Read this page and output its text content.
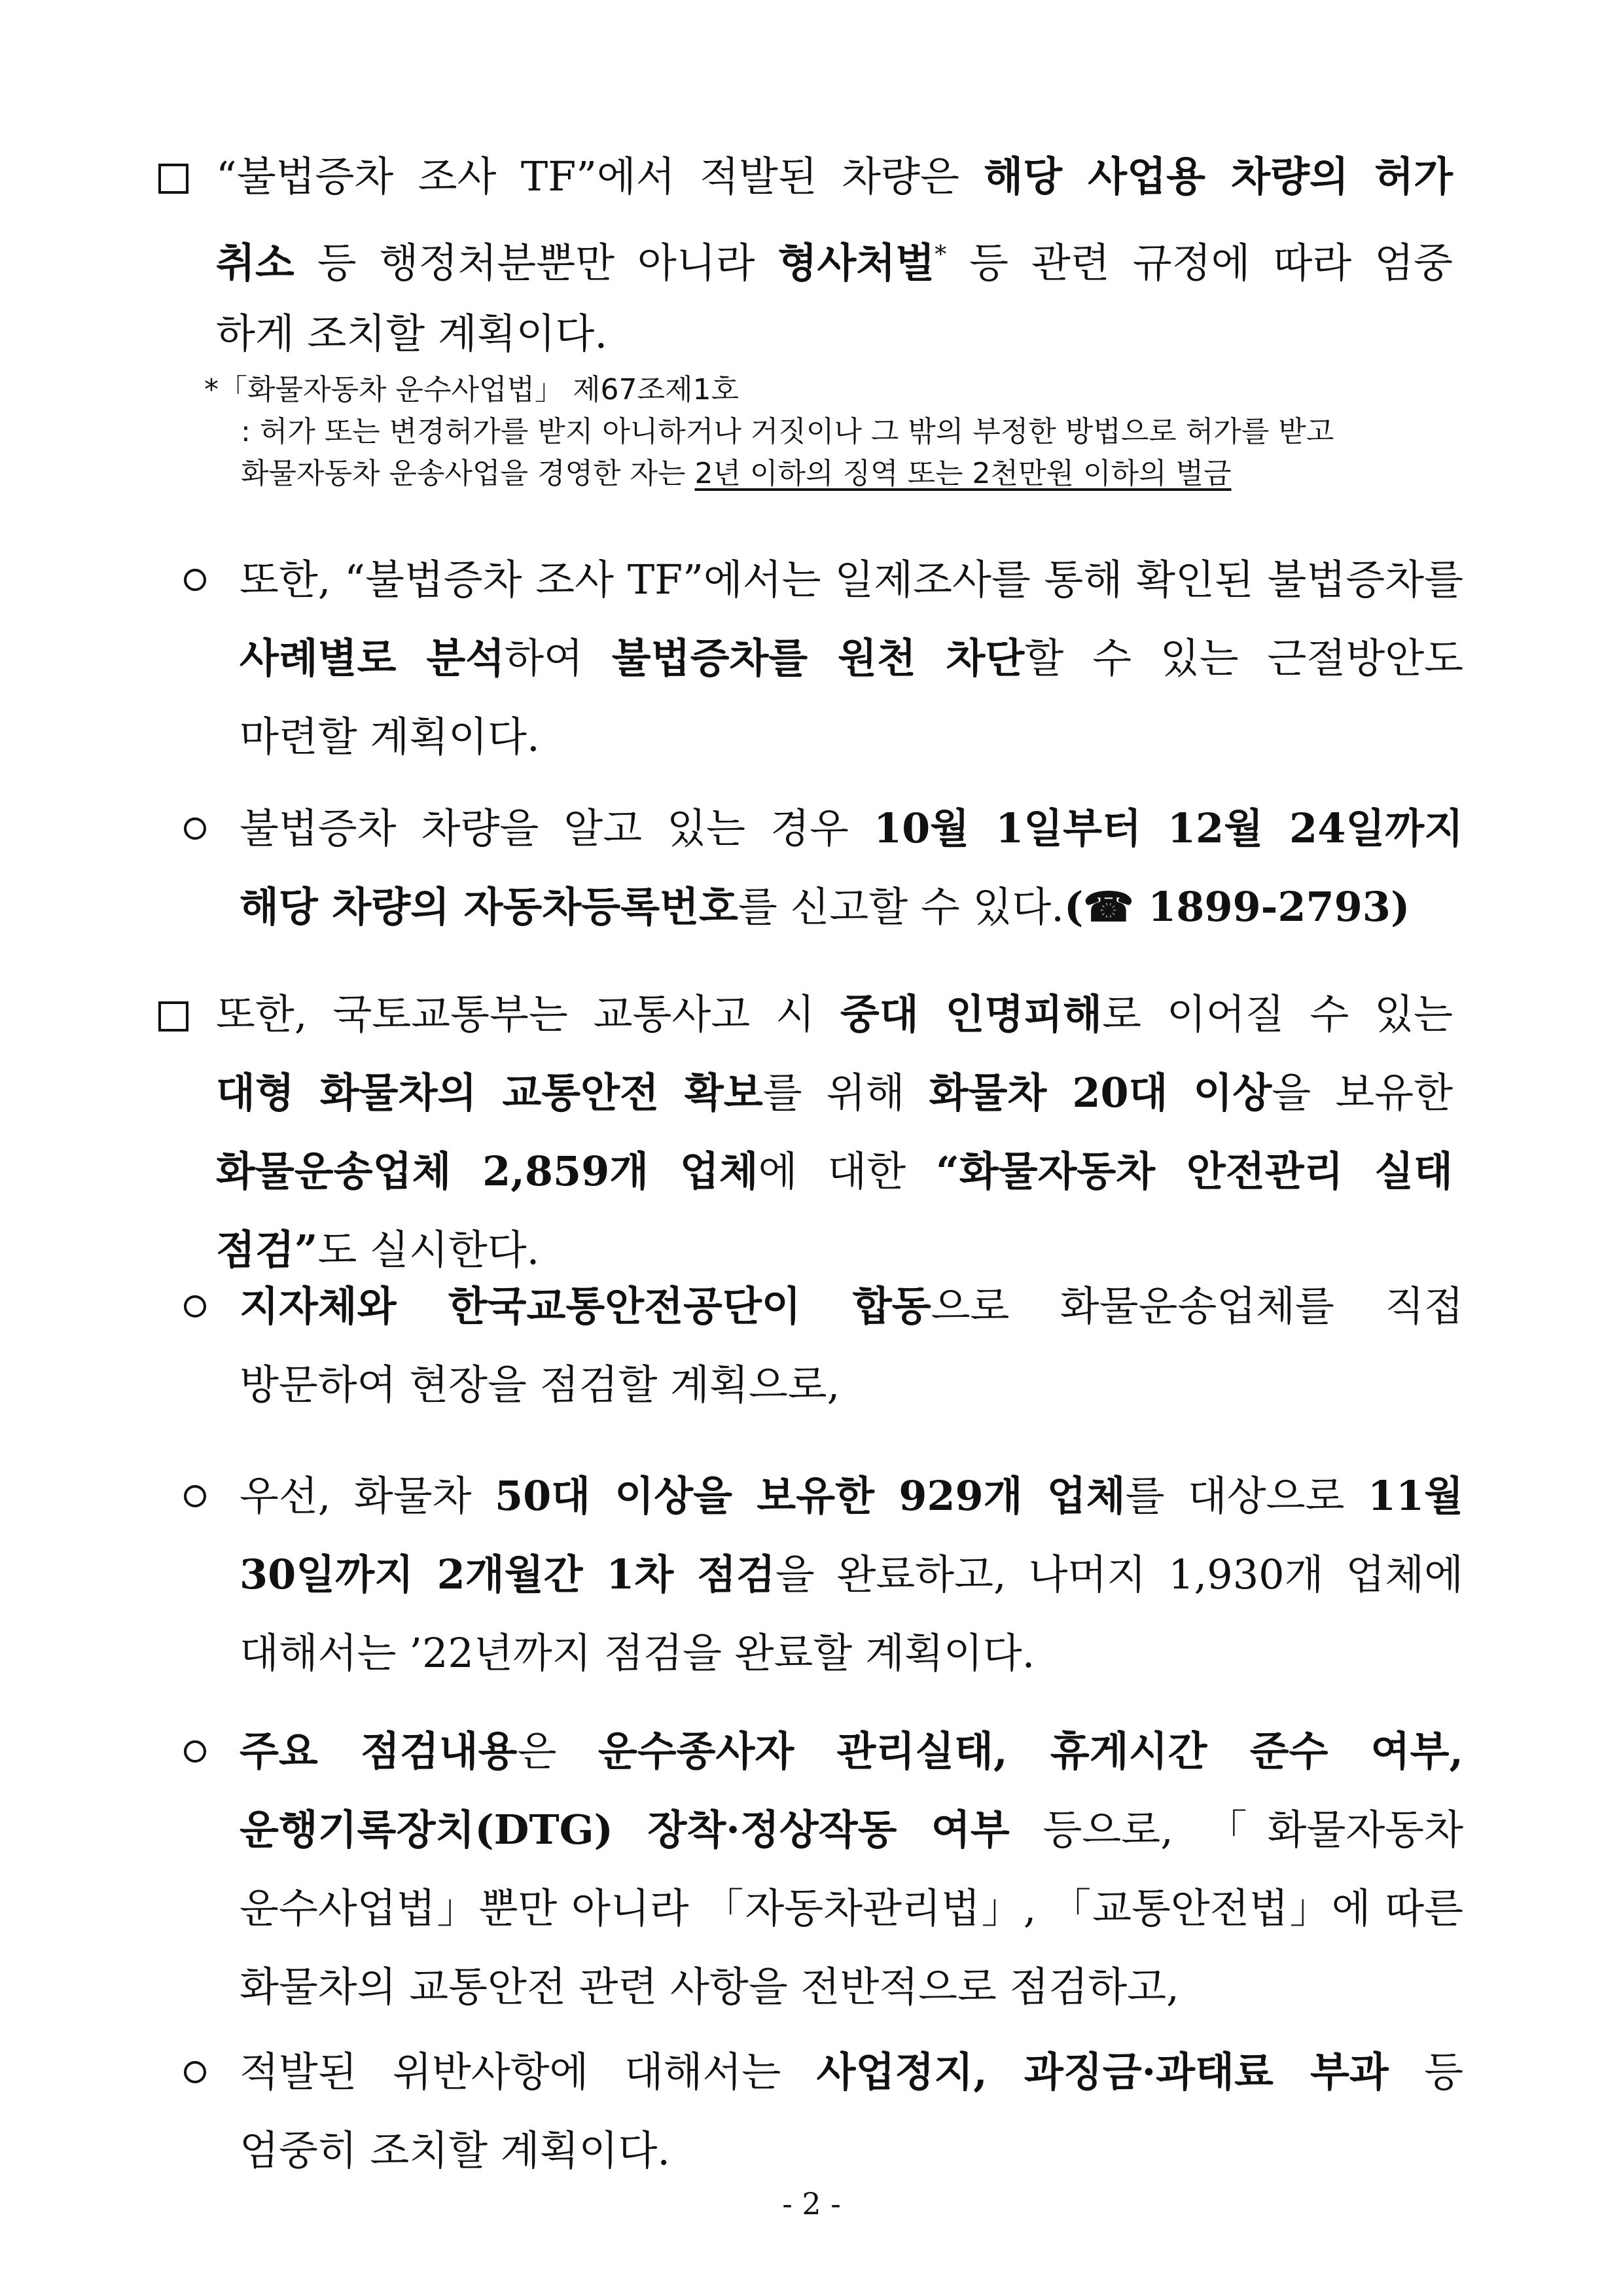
“불법증차 조사 TF”에서 적발된 차량은 해당 사업용 차량의 허가
취소 등 행정처분뿐만 아니라 형사처벌* 등 관련 규정에 따라 엄중
하게 조치할 계획이다.
*「화물자동차 운수사업법」 제67조제1호
: 허가 또는 변경허가를 받지 아니하거나 거짓이나 그 밖의 부정한 방법으로 허가를 받고
화물자동차 운송사업을 경영한 자는 2년 이하의 징역 또는 2천만원 이하의 벌금
또한, “불법증차 조사 TF”에서는 일제조사를 통해 확인된 불법증차를
사례별로 분석하여 불법증차를 원천 차단할 수 있는 근절방안도
마련할 계획이다.
불법증차 차량을 알고 있는 경우 10월 1일부터 12월 24일까지
해당 차량의 자동차등록번호를 신고할 수 있다.(☎ 1899-2793)
또한, 국토교통부는 교통사고 시 중대 인명피해로 이어질 수 있는
대형 화물차의 교통안전 확보를 위해 화물차 20대 이상을 보유한
화물운송업체 2,859개 업체에 대한 “화물자동차 안전관리 실태
점검”도 실시한다.
지자체와 한국교통안전공단이 합동으로 화물운송업체를 직접
방문하여 현장을 점검할 계획으로,
우선, 화물차 50대 이상을 보유한 929개 업체를 대상으로 11월
30일까지 2개월간 1차 점검을 완료하고, 나머지 1,930개 업체에
대해서는 ’22년까지 점검을 완료할 계획이다.
주요 점검내용은 운수종사자 관리실태, 휴게시간 준수 여부,
운행기록장치(DTG) 장착·정상작동 여부 등으로, 「화물자동차
운수사업법」뿐만 아니라 「자동차관리법」, 「교통안전법」에 따른
화물차의 교통안전 관련 사항을 전반적으로 점검하고,
적발된 위반사항에 대해서는 사업정지, 과징금·과태료 부과 등
엄중히 조치할 계획이다.
- 2 -
